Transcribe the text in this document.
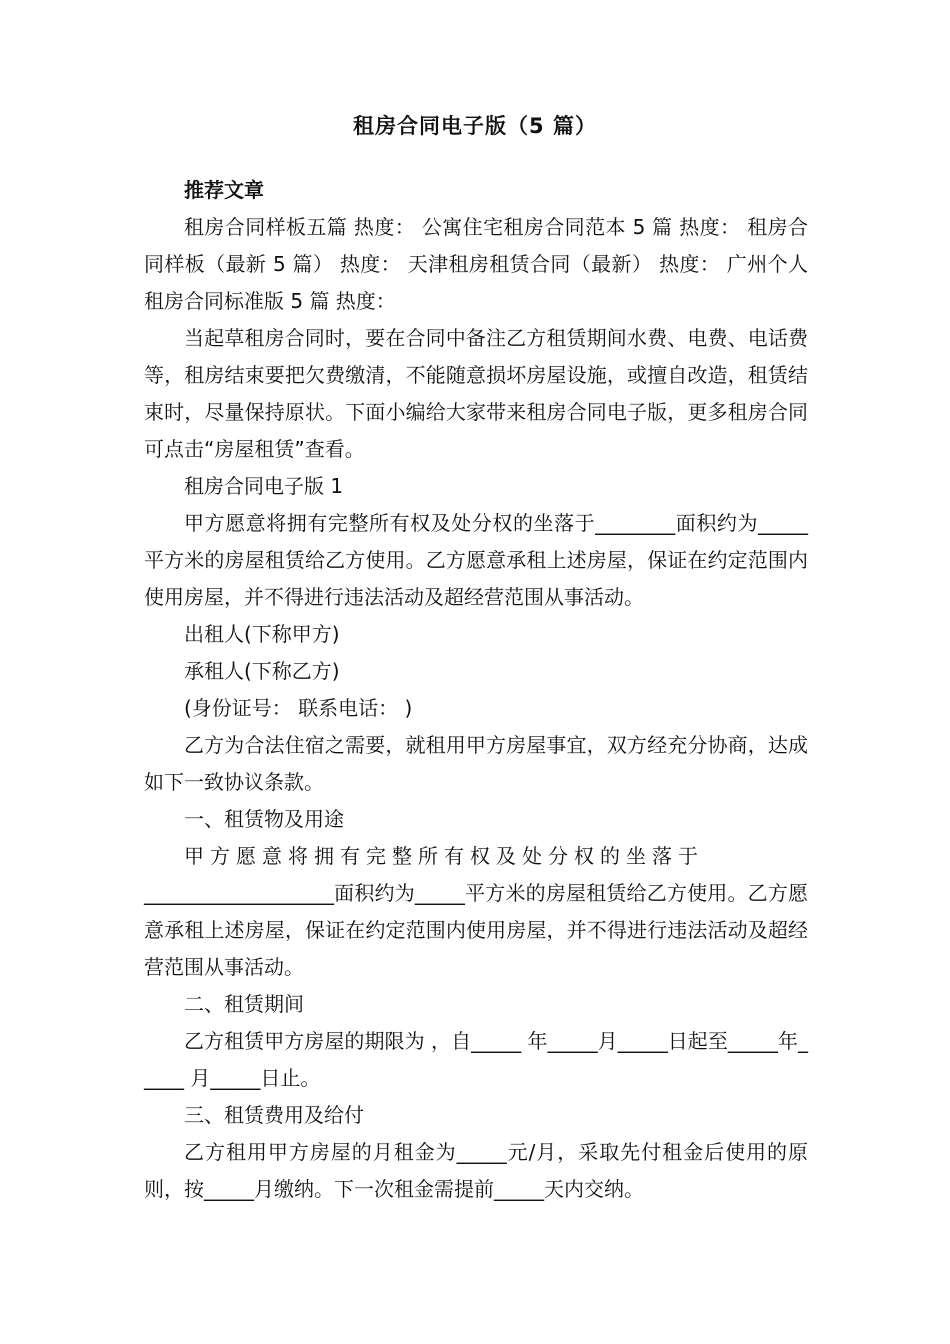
租房合同电子版（5 篇）

推荐文章

租房合同样板五篇 热度： 公寓住宅租房合同范本 5 篇 热度： 租房合同样板（最新 5 篇） 热度： 天津租房租赁合同（最新） 热度： 广州个人租房合同标准版 5 篇 热度：

当起草租房合同时，要在合同中备注乙方租赁期间水费、电费、电话费等，租房结束要把欠费缴清，不能随意损坏房屋设施，或擅自改造，租赁结束时，尽量保持原状。下面小编给大家带来租房合同电子版，更多租房合同可点击“房屋租赁”查看。

租房合同电子版 1

甲方愿意将拥有完整所有权及处分权的坐落于________面积约为_____平方米的房屋租赁给乙方使用。乙方愿意承租上述房屋，保证在约定范围内使用房屋，并不得进行违法活动及超经营范围从事活动。

出租人(下称甲方)

承租人(下称乙方)

(身份证号： 联系电话： )

乙方为合法住宿之需要，就租用甲方房屋事宜，双方经充分协商，达成如下一致协议条款。

一、租赁物及用途

甲方愿意将拥有完整所有权及处分权的坐落于

___________________面积约为_____平方米的房屋租赁给乙方使用。乙方愿意承租上述房屋，保证在约定范围内使用房屋，并不得进行违法活动及超经营范围从事活动。

二、租赁期间

乙方租赁甲方房屋的期限为 ，自_____ 年_____月_____日起至_____年_____ 月_____日止。

三、租赁费用及给付

乙方租用甲方房屋的月租金为_____元/月，采取先付租金后使用的原则，按_____月缴纳。下一次租金需提前_____天内交纳。
